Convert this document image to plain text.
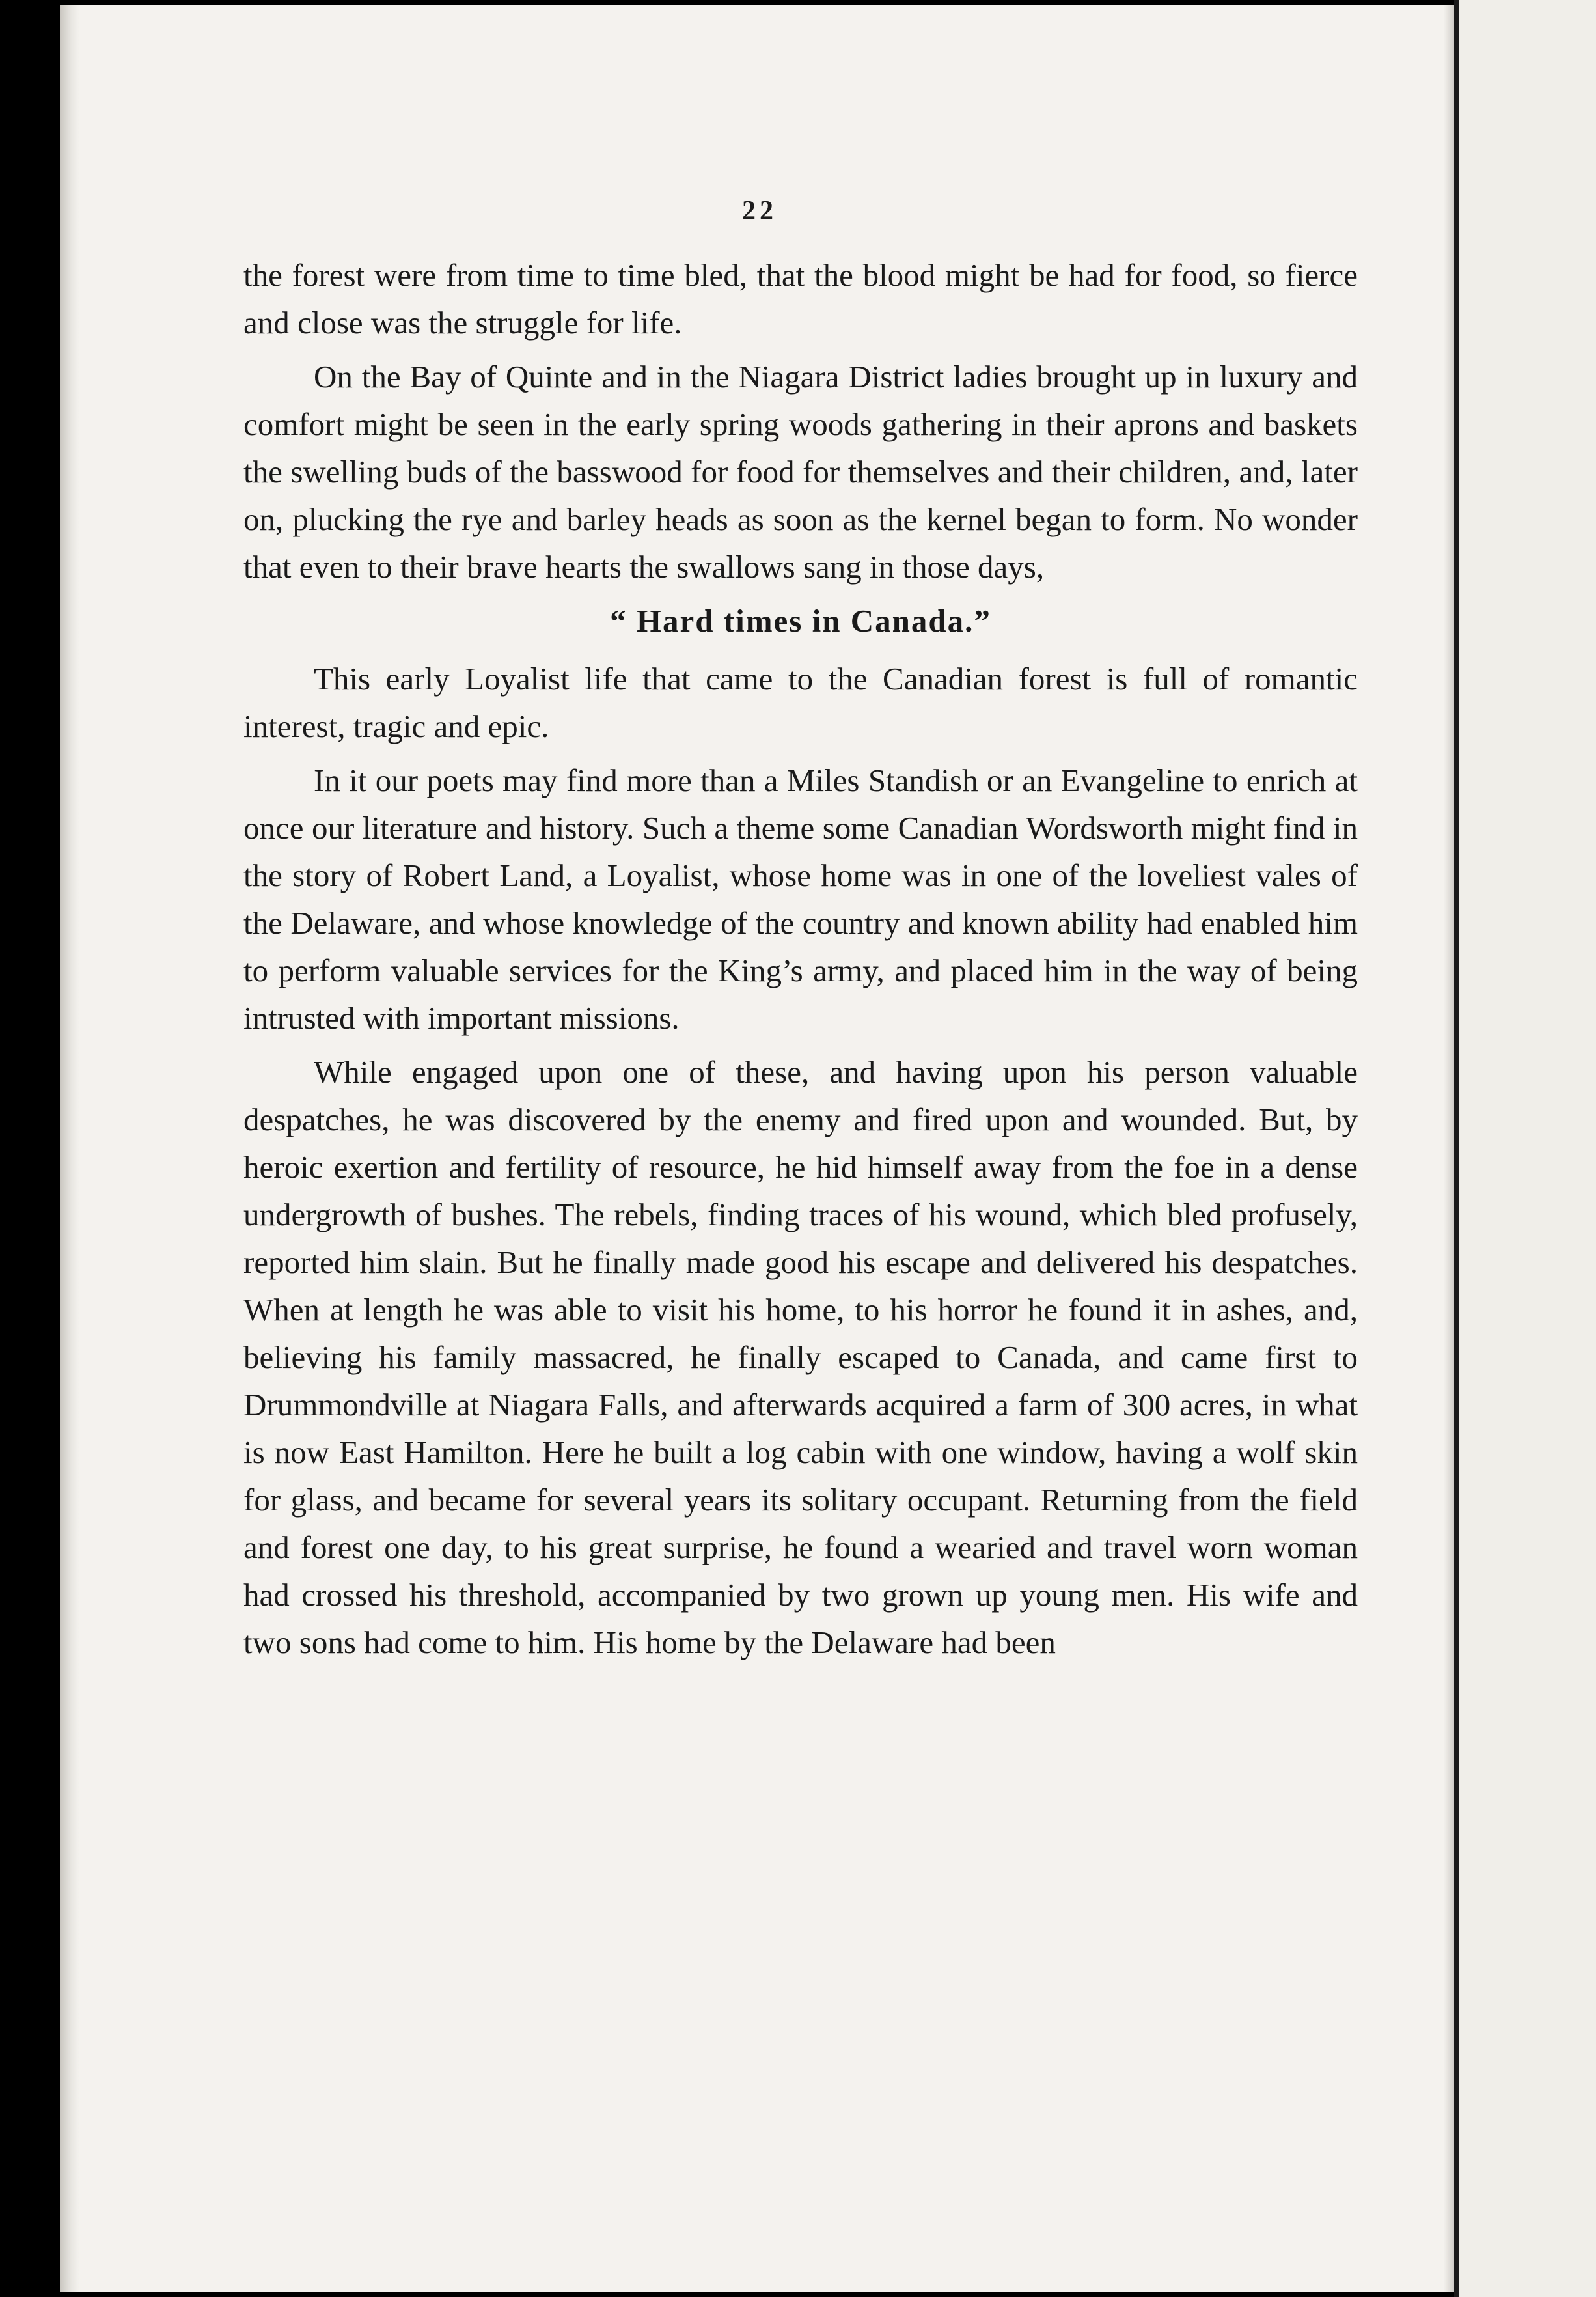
22

the forest were from time to time bled, that the blood might be had for food, so fierce and close was the struggle for life.

On the Bay of Quinte and in the Niagara District ladies brought up in luxury and comfort might be seen in the early spring woods gathering in their aprons and baskets the swelling buds of the basswood for food for themselves and their children, and, later on, plucking the rye and barley heads as soon as the kernel began to form. No wonder that even to their brave hearts the swallows sang in those days,

“ Hard times in Canada.”

This early Loyalist life that came to the Canadian forest is full of romantic interest, tragic and epic.

In it our poets may find more than a Miles Standish or an Evangeline to enrich at once our literature and history. Such a theme some Canadian Wordsworth might find in the story of Robert Land, a Loyalist, whose home was in one of the loveliest vales of the Delaware, and whose knowledge of the country and known ability had enabled him to perform valuable services for the King’s army, and placed him in the way of being intrusted with important missions.

While engaged upon one of these, and having upon his person valuable despatches, he was discovered by the enemy and fired upon and wounded. But, by heroic exertion and fertility of resource, he hid himself away from the foe in a dense undergrowth of bushes. The rebels, finding traces of his wound, which bled profusely, reported him slain. But he finally made good his escape and delivered his despatches. When at length he was able to visit his home, to his horror he found it in ashes, and, believing his family massacred, he finally escaped to Canada, and came first to Drummondville at Niagara Falls, and afterwards acquired a farm of 300 acres, in what is now East Hamilton. Here he built a log cabin with one window, having a wolf skin for glass, and became for several years its solitary occupant. Returning from the field and forest one day, to his great surprise, he found a wearied and travel worn woman had crossed his threshold, accompanied by two grown up young men. His wife and two sons had come to him. His home by the Delaware had been
